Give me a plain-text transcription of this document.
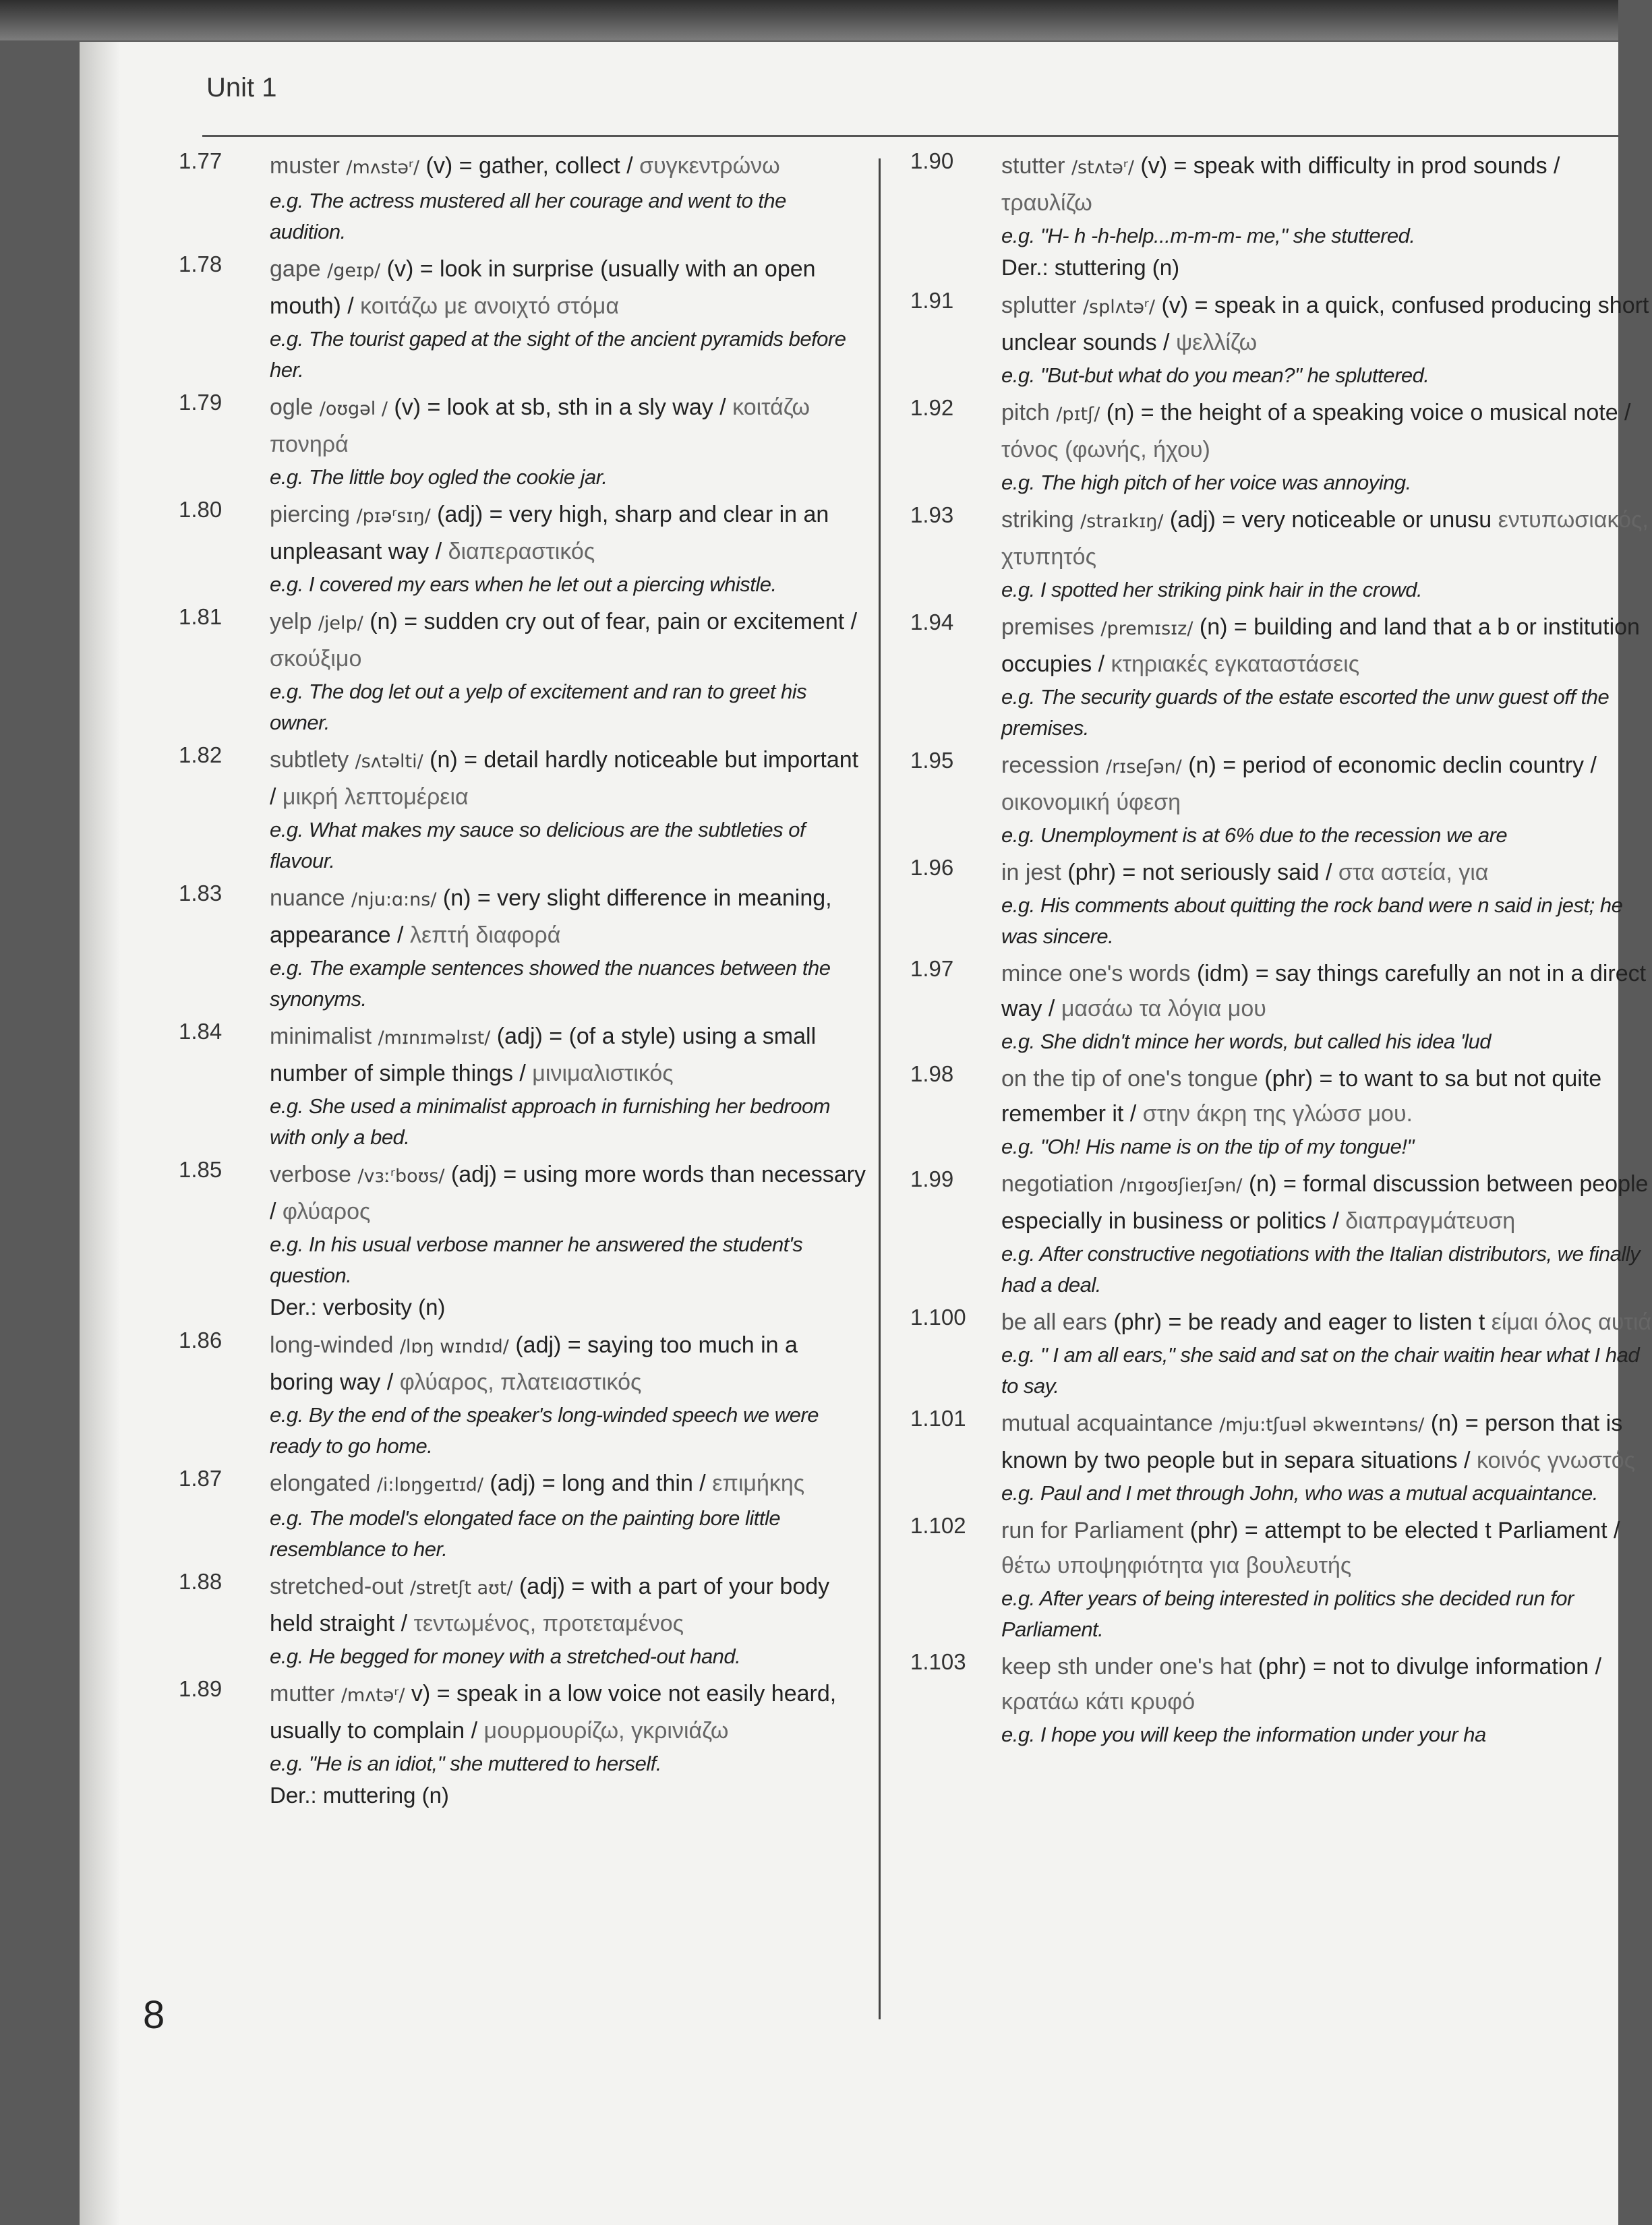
Unit 1
1.77 muster /mʌstəʳ/ (v) = gather, collect / συγκεντρώνω
e.g. The actress mustered all her courage and went to the audition.
1.78 gape /geɪp/ (v) = look in surprise (usually with an open mouth) / κοιτάζω με ανοιχτό στόμα
e.g. The tourist gaped at the sight of the ancient pyramids before her.
1.79 ogle /oʊgəl / (v) = look at sb, sth in a sly way / κοιτάζω πονηρά
e.g. The little boy ogled the cookie jar.
1.80 piercing /pɪəʳsɪŋ/ (adj) = very high, sharp and clear in an unpleasant way / διαπεραστικός
e.g. I covered my ears when he let out a piercing whistle.
1.81 yelp /jelp/ (n) = sudden cry out of fear, pain or excitement / σκούξιμο
e.g. The dog let out a yelp of excitement and ran to greet his owner.
1.82 subtlety /sʌtəlti/ (n) = detail hardly noticeable but important / μικρή λεπτομέρεια
e.g. What makes my sauce so delicious are the subtleties of flavour.
1.83 nuance /nju:ɑ:ns/ (n) = very slight difference in meaning, appearance / λεπτή διαφορά
e.g. The example sentences showed the nuances between the synonyms.
1.84 minimalist /mɪnɪməlɪst/ (adj) = (of a style) using a small number of simple things / μινιμαλιστικός
e.g. She used a minimalist approach in furnishing her bedroom with only a bed.
1.85 verbose /vɜːʳboʊs/ (adj) = using more words than necessary / φλύαρος
e.g. In his usual verbose manner he answered the student's question.
Der.: verbosity (n)
1.86 long-winded /lɒŋ wɪndɪd/ (adj) = saying too much in a boring way / φλύαρος, πλατειαστικός
e.g. By the end of the speaker's long-winded speech we were ready to go home.
1.87 elongated /i:lɒŋgeɪtɪd/ (adj) = long and thin / επιμήκης
e.g. The model's elongated face on the painting bore little resemblance to her.
1.88 stretched-out /stretʃt aʊt/ (adj) = with a part of your body held straight / τεντωμένος, προτεταμένος
e.g. He begged for money with a stretched-out hand.
1.89 mutter /mʌtəʳ/ v) = speak in a low voice not easily heard, usually to complain / μουρμουρίζω, γκρινιάζω
e.g. "He is an idiot," she muttered to herself.
Der.: muttering (n)
1.90 stutter /stʌtəʳ/ (v) = speak with difficulty in prod sounds / τραυλίζω
e.g. "H- h -h-help...m-m-m- me," she stuttered.
Der.: stuttering (n)
1.91 splutter /splʌtəʳ/ (v) = speak in a quick, confused producing short unclear sounds / ψελλίζω
e.g. "But-but what do you mean?" he spluttered.
1.92 pitch /pɪtʃ/ (n) = the height of a speaking voice o musical note / τόνος (φωνής, ήχου)
e.g. The high pitch of her voice was annoying.
1.93 striking /straɪkɪŋ/ (adj) = very noticeable or unusu εντυπωσιακός, χτυπητός
e.g. I spotted her striking pink hair in the crowd.
1.94 premises /premɪsɪz/ (n) = building and land that a b or institution occupies / κτηριακές εγκαταστάσεις
e.g. The security guards of the estate escorted the unw guest off the premises.
1.95 recession /rɪseʃən/ (n) = period of economic declin country / οικονομική ύφεση
e.g. Unemployment is at 6% due to the recession we are
1.96 in jest (phr) = not seriously said / στα αστεία, για
e.g. His comments about quitting the rock band were n said in jest; he was sincere.
1.97 mince one's words (idm) = say things carefully an not in a direct way / μασάω τα λόγια μου
e.g. She didn't mince her words, but called his idea 'lud
1.98 on the tip of one's tongue (phr) = to want to sa but not quite remember it / στην άκρη της γλώσσ μου.
e.g. "Oh! His name is on the tip of my tongue!"
1.99 negotiation /nɪgoʊʃieɪʃən/ (n) = formal discussion between people especially in business or politics / διαπραγμάτευση
e.g. After constructive negotiations with the Italian distributors, we finally had a deal.
1.100 be all ears (phr) = be ready and eager to listen t είμαι όλος αυτιά
e.g. " I am all ears," she said and sat on the chair waitin hear what I had to say.
1.101 mutual acquaintance /mju:tʃuəl əkweɪntəns/ (n) = person that is known by two people but in separa situations / κοινός γνωστός
e.g. Paul and I met through John, who was a mutual acquaintance.
1.102 run for Parliament (phr) = attempt to be elected t Parliament / θέτω υποψηφιότητα για βουλευτής
e.g. After years of being interested in politics she decided run for Parliament.
1.103 keep sth under one's hat (phr) = not to divulge information / κρατάω κάτι κρυφό
e.g. I hope you will keep the information under your ha
8
